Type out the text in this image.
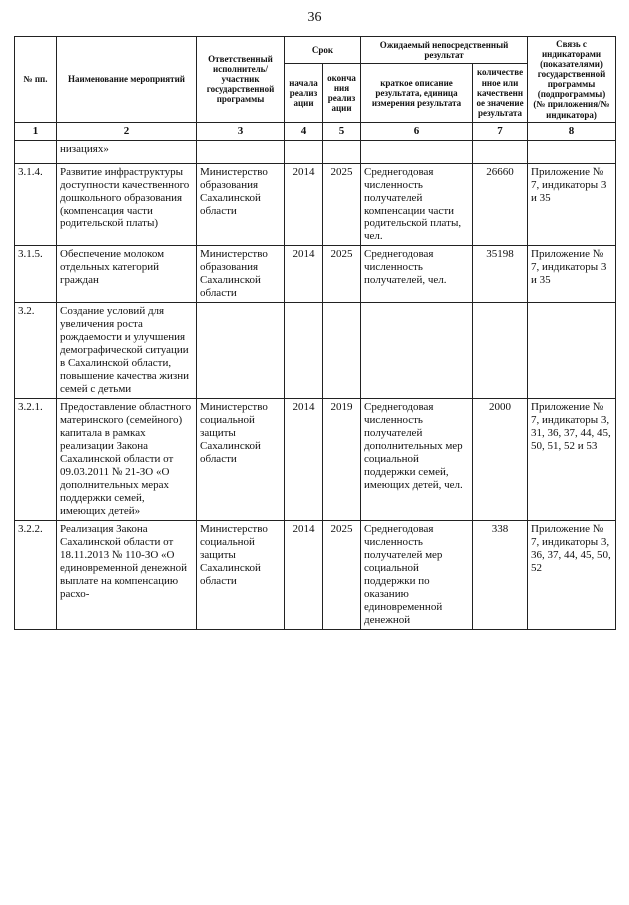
36
№ пп.	Наименование мероприятий	Ответственный исполнитель/участник государственной программы	Срок		Ожидаемый непосредственный результат		Связь с индикаторами (показателями) государственной программы (подпрограммы) (№ приложения/№ индикатора)
			начала реализации	окончания реализации	краткое описание результата, единица измерения результата	количественное или качественное значение результата	
1	2	3	4	5	6	7	8
	низациях»						
3.1.4.	Развитие инфраструктуры доступности качественного дошкольного образования (компенсация части родительской платы)	Министерство образования Сахалинской области	2014	2025	Среднегодовая численность получателей компенсации части родительской платы, чел.	26660	Приложение № 7, индикаторы 3 и 35
3.1.5.	Обеспечение молоком отдельных категорий граждан	Министерство образования Сахалинской области	2014	2025	Среднегодовая численность получателей, чел.	35198	Приложение № 7, индикаторы 3 и 35
3.2.	Создание условий для увеличения роста рождаемости и улучшения демографической ситуации в Сахалинской области, повышение качества жизни семей с детьми						
3.2.1.	Предоставление областного материнского (семейного) капитала в рамках реализации Закона Сахалинской области от 09.03.2011 № 21-ЗО «О дополнительных мерах поддержки семей, имеющих детей»	Министерство социальной защиты Сахалинской области	2014	2019	Среднегодовая численность получателей дополнительных мер социальной поддержки семей, имеющих детей, чел.	2000	Приложение № 7, индикаторы 3, 31, 36, 37, 44, 45, 50, 51, 52 и 53
3.2.2.	Реализация Закона Сахалинской области от 18.11.2013 № 110-ЗО «О единовременной денежной выплате на компенсацию расхо-	Министерство социальной защиты Сахалинской области	2014	2025	Среднегодовая численность получателей мер социальной поддержки по оказанию единовременной денежной	338	Приложение № 7, индикаторы 3, 36, 37, 44, 45, 50, 52
